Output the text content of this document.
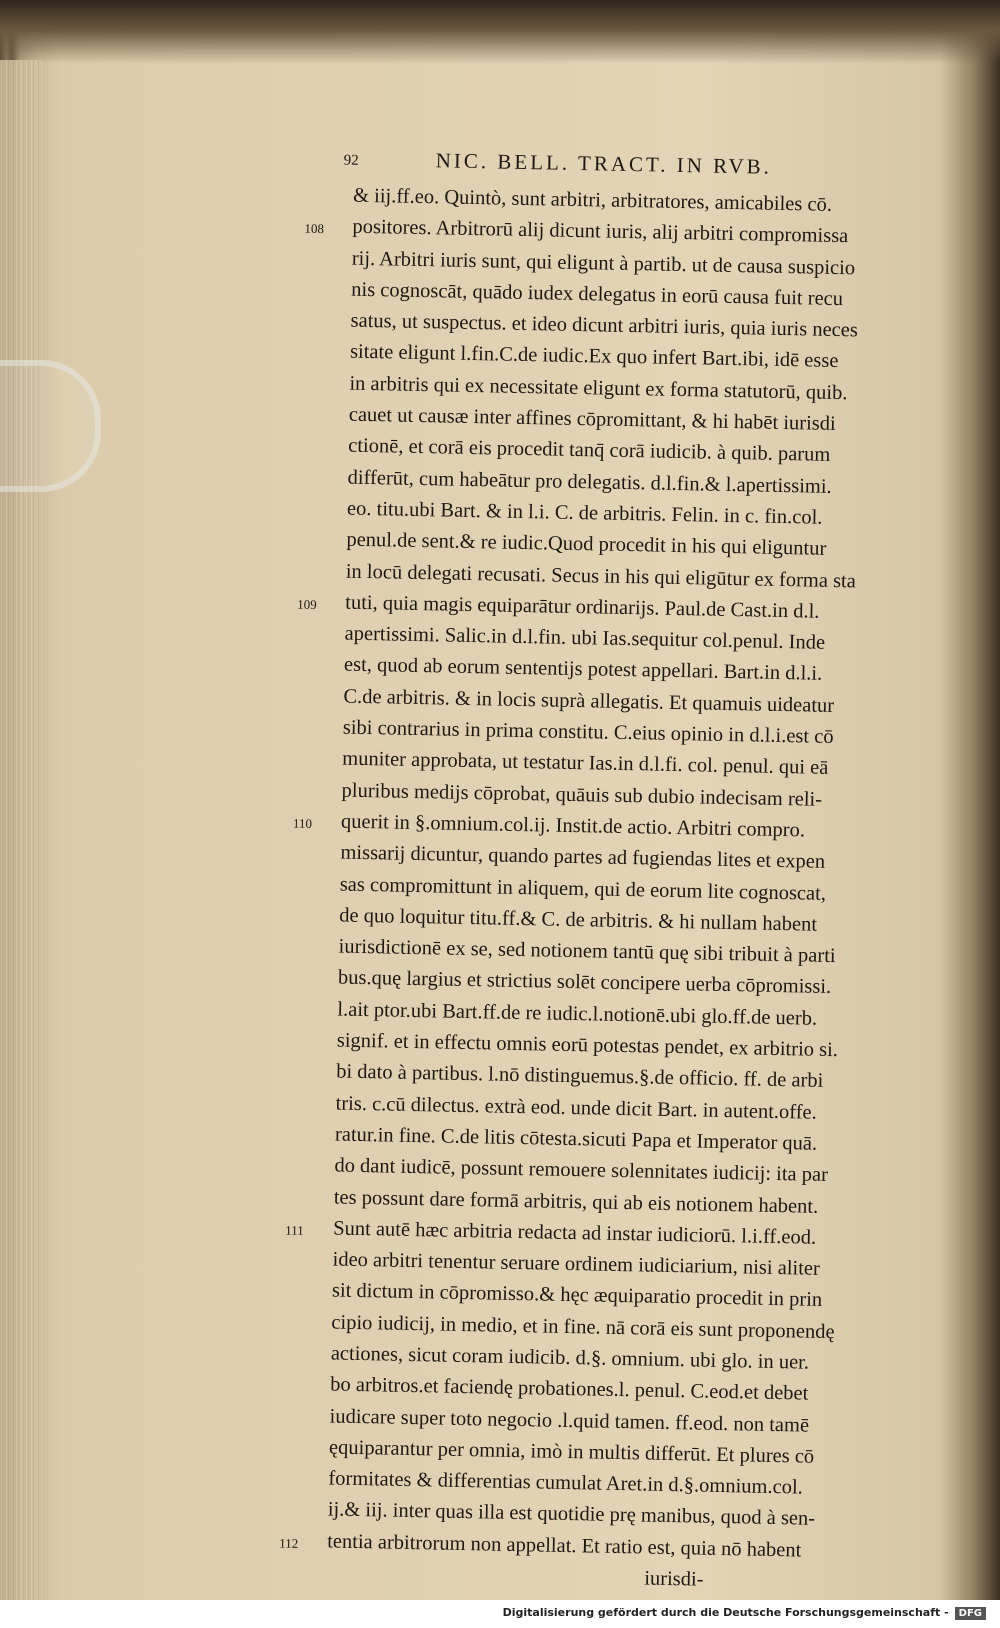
92	NIC. BELL. TRACT. IN RVB.
& iij.ff.eo. Quintò, sunt arbitri, arbitratores, amicabiles cō.
108	positores. Arbitrorū alij dicunt iuris, alij arbitri compromissa
rij. Arbitri iuris sunt, qui eligunt à partib. ut de causa suspicio
nis cognoscāt, quādo iudex delegatus in eorū causa fuit recu
satus, ut suspectus. et ideo dicunt arbitri iuris, quia iuris neces
sitate eligunt l.fin.C.de iudic.Ex quo infert Bart.ibi, idē esse
in arbitris qui ex necessitate eligunt ex forma statutorū, quib.
cauet ut causæ inter affines cōpromittant, & hi habēt iurisdi
ctionē, et corā eis procedit tanq̄ corā iudicib. à quib. parum
differūt, cum habeātur pro delegatis. d.l.fin.& l.apertissimi.
eo. titu.ubi Bart. & in l.i. C. de arbitris. Felin. in c. fin.col.
penul.de sent.& re iudic.Quod procedit in his qui eliguntur
in locū delegati recusati. Secus in his qui eligūtur ex forma sta
109	tuti, quia magis equiparātur ordinarijs. Paul.de Cast.in d.l.
apertissimi. Salic.in d.l.fin. ubi Ias.sequitur col.penul. Inde
est, quod ab eorum sententijs potest appellari. Bart.in d.l.i.
C.de arbitris. & in locis suprà allegatis. Et quamuis uideatur
sibi contrarius in prima constitu. C.eius opinio in d.l.i.est cō
muniter approbata, ut testatur Ias.in d.l.fi. col. penul. qui eā
pluribus medijs cōprobat, quāuis sub dubio indecisam reli-
110	querit in §.omnium.col.ij. Instit.de actio. Arbitri compro.
missarij dicuntur, quando partes ad fugiendas lites et expen
sas compromittunt in aliquem, qui de eorum lite cognoscat,
de quo loquitur titu.ff.& C. de arbitris. & hi nullam habent
iurisdictionē ex se, sed notionem tantū quę sibi tribuit à parti
bus.quę largius et strictius solēt concipere uerba cōpromissi.
l.ait ptor.ubi Bart.ff.de re iudic.l.notionē.ubi glo.ff.de uerb.
signif. et in effectu omnis eorū potestas pendet, ex arbitrio si.
bi dato à partibus. l.nō distinguemus.§.de officio. ff. de arbi
tris. c.cū dilectus. extrà eod. unde dicit Bart. in autent.offe.
ratur.in fine. C.de litis cōtesta.sicuti Papa et Imperator quā.
do dant iudicē, possunt remouere solennitates iudicij: ita par
tes possunt dare formā arbitris, qui ab eis notionem habent.
111	Sunt autē hæc arbitria redacta ad instar iudiciorū. l.i.ff.eod.
ideo arbitri tenentur seruare ordinem iudiciarium, nisi aliter
sit dictum in cōpromisso.& hęc æquiparatio procedit in prin
cipio iudicij, in medio, et in fine. nā corā eis sunt proponendę
actiones, sicut coram iudicib. d.§. omnium. ubi glo. in uer.
bo arbitros.et faciendę probationes.l. penul. C.eod.et debet
iudicare super toto negocio .l.quid tamen. ff.eod. non tamē
ęquiparantur per omnia, imò in multis differūt. Et plures cō
formitates & differentias cumulat Aret.in d.§.omnium.col.
ij.& iij. inter quas illa est quotidie prę manibus, quod à sen-
112	tentia arbitrorum non appellat. Et ratio est, quia nō habent
iurisdi-
Digitalisierung gefördert durch die Deutsche Forschungsgemeinschaft - DFG
